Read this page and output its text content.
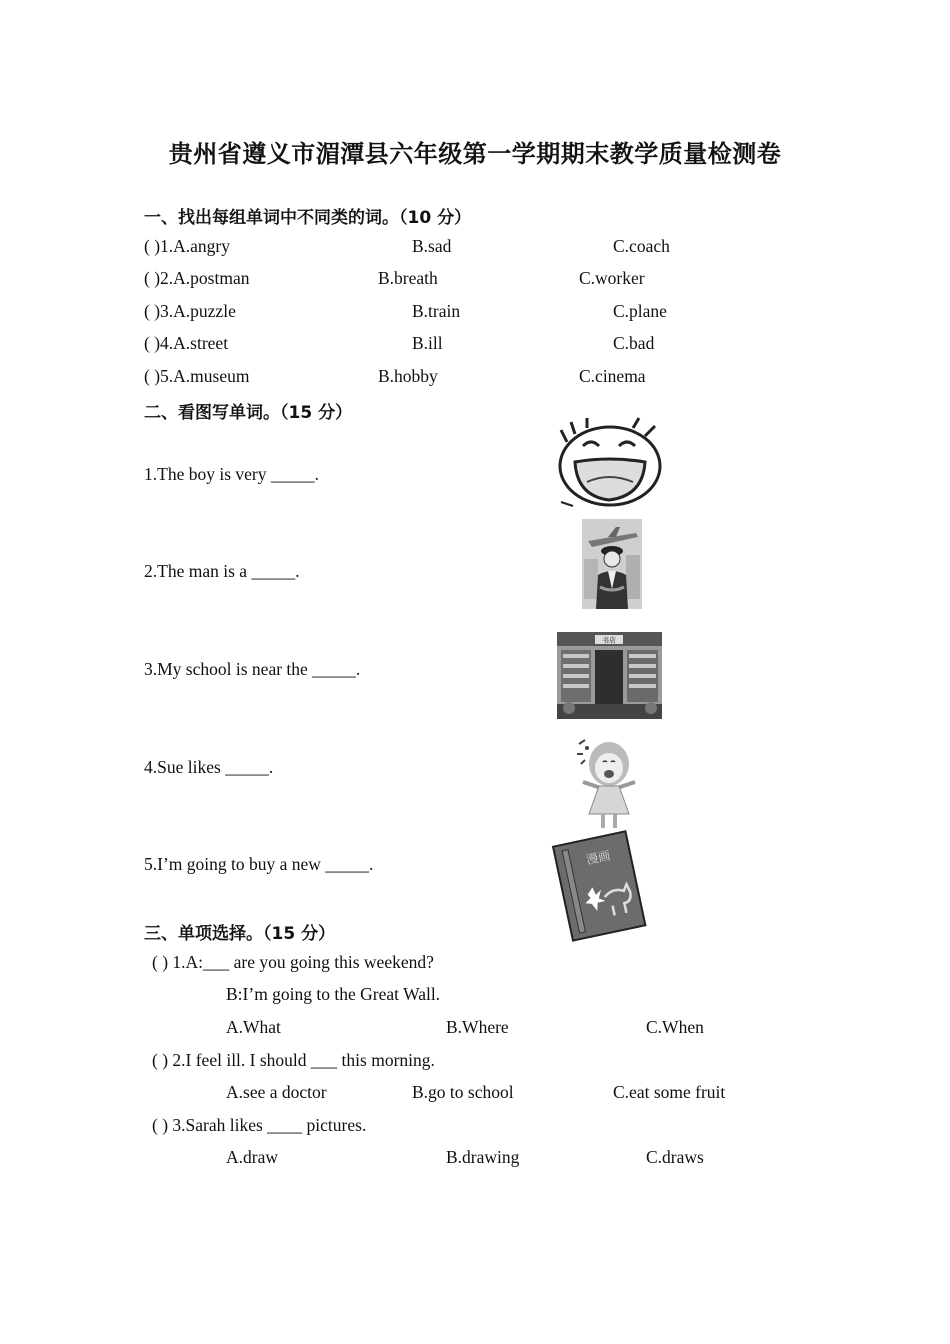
贵州省遵义市湄潭县六年级第一学期期末教学质量检测卷
一、找出每组单词中不同类的词。（10 分）
( )1.A.angry	B.sad	C.coach
( )2.A.postman	B.breath	C.worker
( )3.A.puzzle	B.train	C.plane
( )4.A.street	B.ill	C.bad
( )5.A.museum	B.hobby	C.cinema
二、看图写单词。（15 分）
1.The boy is very _____.
2.The man is a _____.
3.My school is near the _____.
4.Sue likes _____.
5.I’m going to buy a new _____.
书店
漫画
三、单项选择。（15 分）
( ) 1.A:___ are you going this weekend?
B:I’m going to the Great Wall.
A.What	B.Where	C.When
( ) 2.I feel ill. I should ___ this morning.
A.see a doctor	B.go to school	C.eat some fruit
( ) 3.Sarah likes ____ pictures.
A.draw	B.drawing	C.draws
